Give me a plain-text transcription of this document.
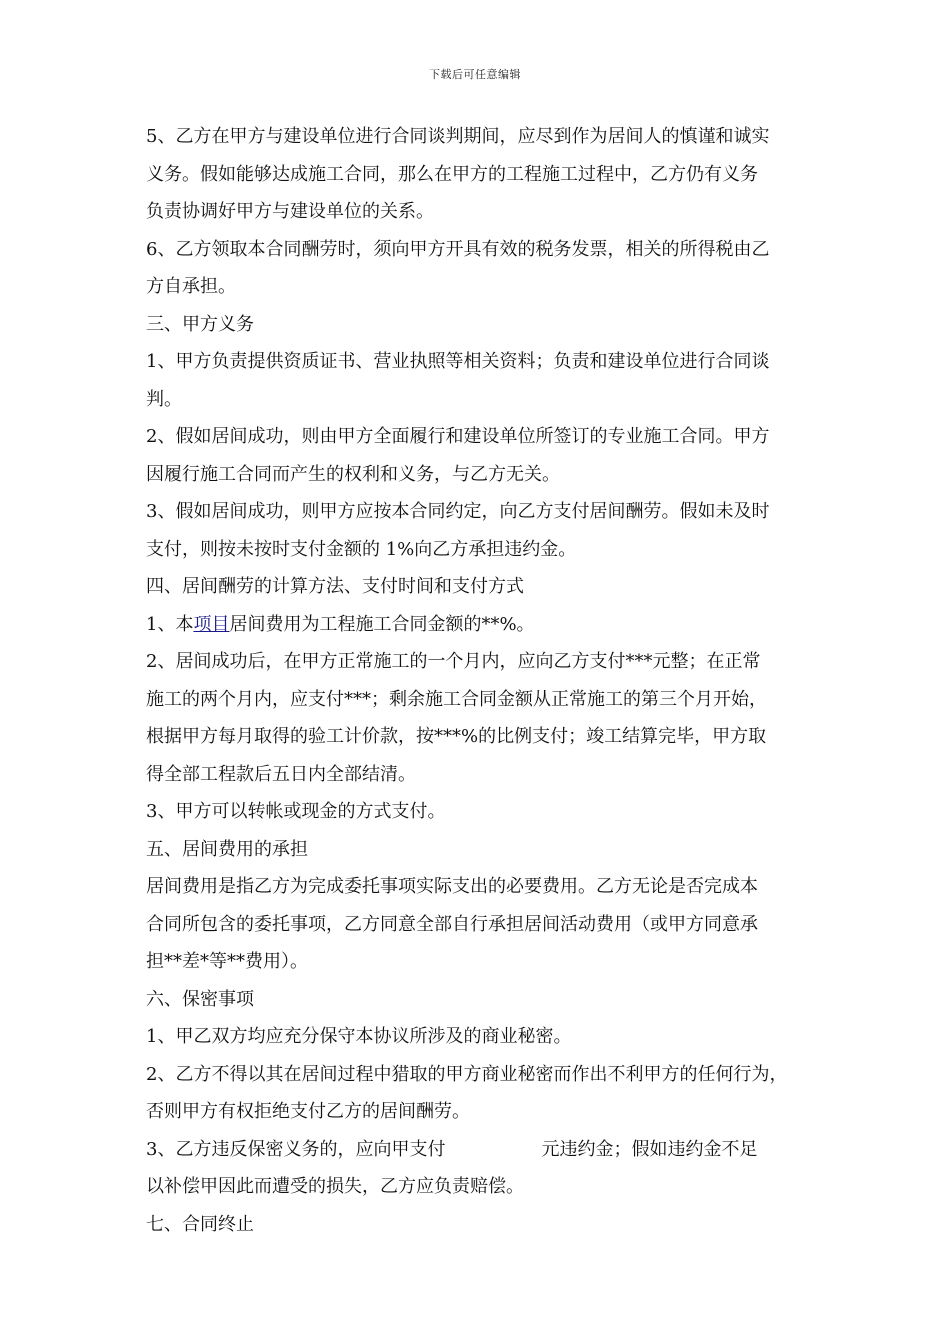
下载后可任意编辑
5、乙方在甲方与建设单位进行合同谈判期间，应尽到作为居间人的慎谨和诚实
义务。假如能够达成施工合同，那么在甲方的工程施工过程中，乙方仍有义务
负责协调好甲方与建设单位的关系。
6、乙方领取本合同酬劳时，须向甲方开具有效的税务发票，相关的所得税由乙
方自承担。
三、甲方义务
1、甲方负责提供资质证书、营业执照等相关资料；负责和建设单位进行合同谈
判。
2、假如居间成功，则由甲方全面履行和建设单位所签订的专业施工合同。甲方
因履行施工合同而产生的权利和义务，与乙方无关。
3、假如居间成功，则甲方应按本合同约定，向乙方支付居间酬劳。假如未及时
支付，则按未按时支付金额的 1%向乙方承担违约金。
四、居间酬劳的计算方法、支付时间和支付方式
1、本项目居间费用为工程施工合同金额的**%。
2、居间成功后，在甲方正常施工的一个月内，应向乙方支付***元整；在正常
施工的两个月内，应支付***；剩余施工合同金额从正常施工的第三个月开始，
根据甲方每月取得的验工计价款，按***%的比例支付；竣工结算完毕，甲方取
得全部工程款后五日内全部结清。
3、甲方可以转帐或现金的方式支付。
五、居间费用的承担
居间费用是指乙方为完成委托事项实际支出的必要费用。乙方无论是否完成本
合同所包含的委托事项，乙方同意全部自行承担居间活动费用（或甲方同意承
担**差*等**费用）。
六、保密事项
1、甲乙双方均应充分保守本协议所涉及的商业秘密。
2、乙方不得以其在居间过程中猎取的甲方商业秘密而作出不利甲方的任何行为，
否则甲方有权拒绝支付乙方的居间酬劳。
3、乙方违反保密义务的，应向甲支付	元违约金；假如违约金不足
以补偿甲因此而遭受的损失，乙方应负责赔偿。
七、合同终止
